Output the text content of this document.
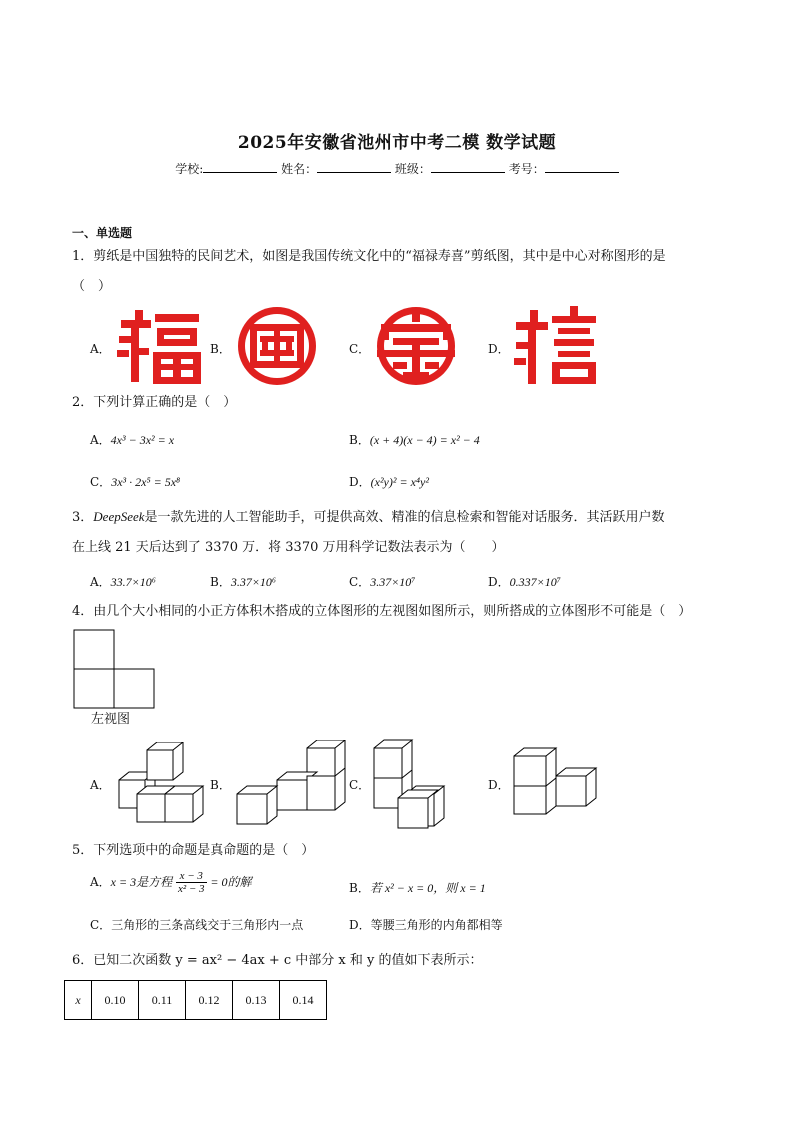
2025年安徽省池州市中考二模 数学试题
学校:	姓名：	班级：	考号：
一、单选题
1．剪纸是中国独特的民间艺术，如图是我国传统文化中的“福禄寿喜”剪纸图，其中是中心对称图形的是
（　）
A．	B．	C．	D．
2．下列计算正确的是（　）
A．4x³ − 3x² = x	B．(x + 4)(x − 4) = x² − 4
C．3x³ · 2x⁵ = 5x⁸	D．(x²y)² = x⁴y²
3．DeepSeek是一款先进的人工智能助手，可提供高效、精准的信息检索和智能对话服务．其活跃用户数
在上线 21 天后达到了 3370 万．将 3370 万用科学记数法表示为（　　）
A．33.7×10⁶	B．3.37×10⁶	C．3.37×10⁷	D．0.337×10⁷
4．由几个大小相同的小正方体积木搭成的立体图形的左视图如图所示，则所搭成的立体图形不可能是（　）
左视图
A．	B．	C．	D．
5．下列选项中的命题是真命题的是（　）
A．x = 3是方程 $\frac{x - 3}{\text{x² − 3}} = 0$的解	B．若 x² − x = 0，则 x = 1
C．三角形的三条高线交于三角形内一点	D．等腰三角形的内角都相等
6．已知二次函数 y = ax² − 4ax + c 中部分 x 和 y 的值如下表所示：
x	0.10	0.11	0.12	0.13	0.14
